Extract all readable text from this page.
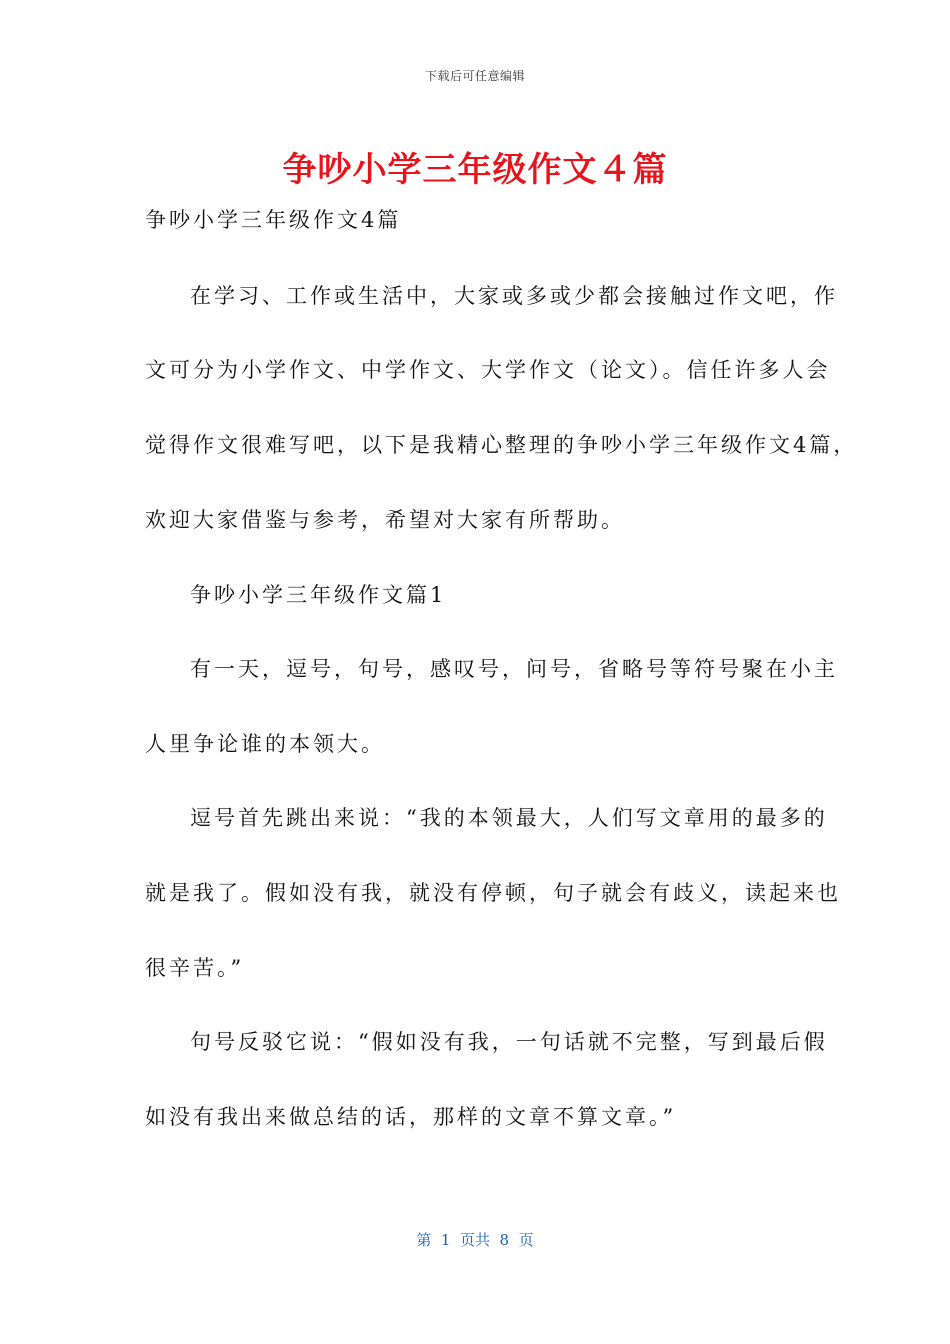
下载后可任意编辑
争吵小学三年级作文４篇
争吵小学三年级作文4篇
在学习、工作或生活中，大家或多或少都会接触过作文吧，作
文可分为小学作文、中学作文、大学作文（论文）。信任许多人会
觉得作文很难写吧，以下是我精心整理的争吵小学三年级作文4篇，
欢迎大家借鉴与参考，希望对大家有所帮助。
争吵小学三年级作文篇1
有一天，逗号，句号，感叹号，问号，省略号等符号聚在小主
人里争论谁的本领大。
逗号首先跳出来说：“我的本领最大，人们写文章用的最多的
就是我了。假如没有我，就没有停顿，句子就会有歧义，读起来也
很辛苦。”
句号反驳它说：“假如没有我，一句话就不完整，写到最后假
如没有我出来做总结的话，那样的文章不算文章。”
第  1  页共  8  页
